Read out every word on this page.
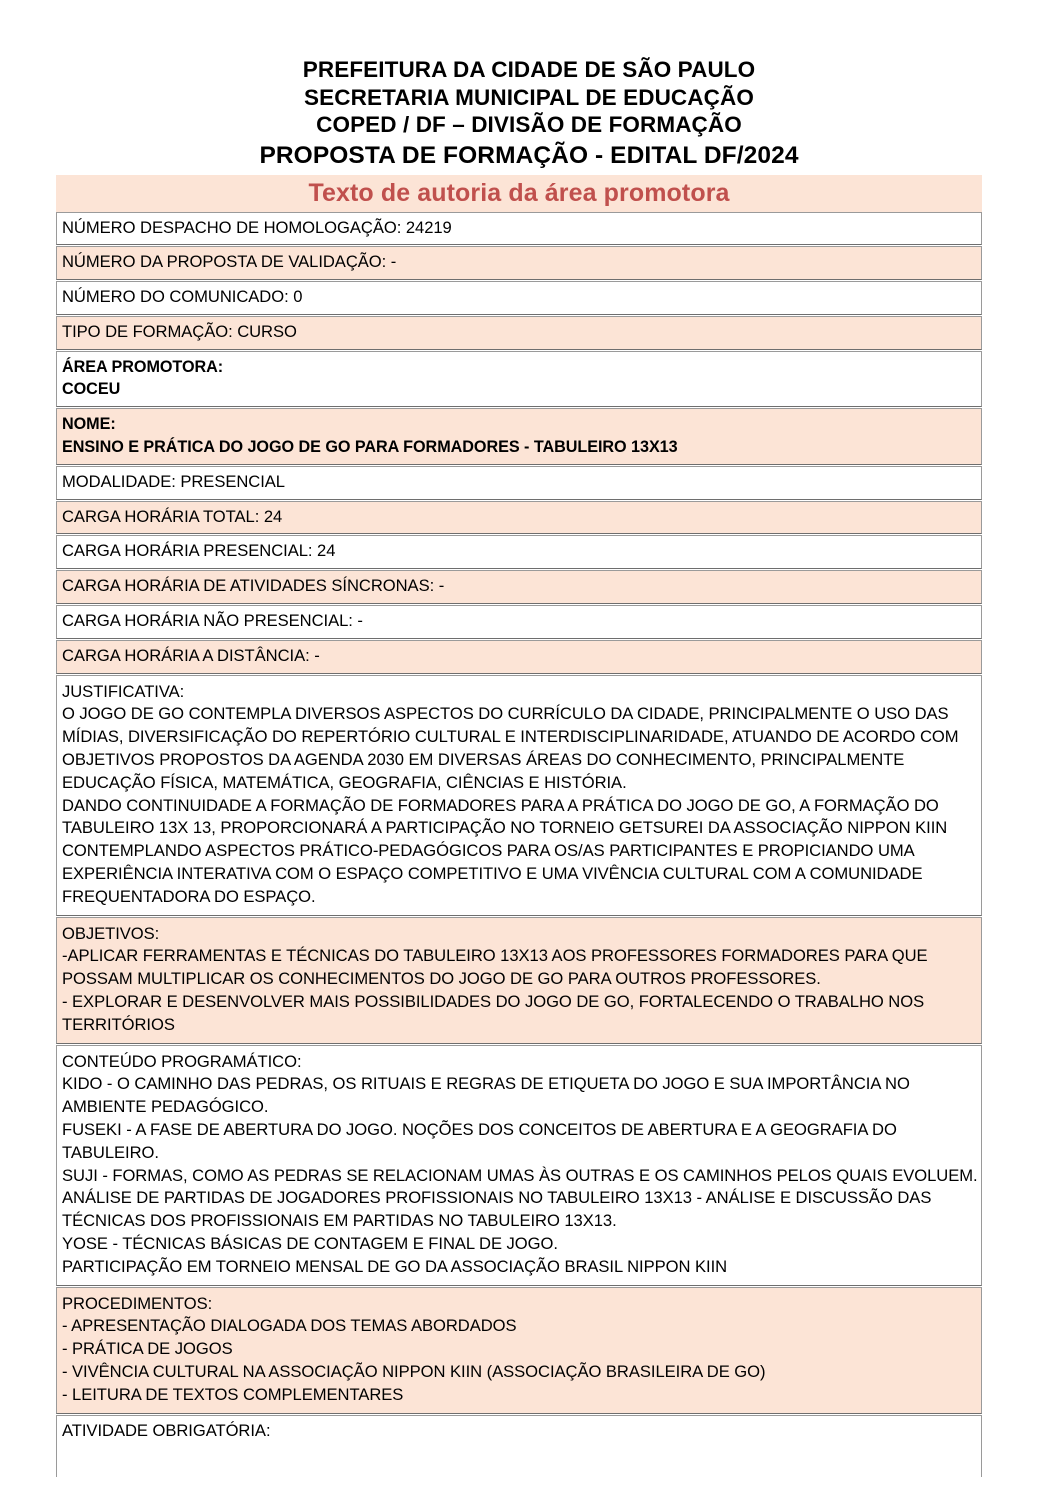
PREFEITURA DA CIDADE DE SÃO PAULO
SECRETARIA MUNICIPAL DE EDUCAÇÃO
COPED / DF – DIVISÃO DE FORMAÇÃO
PROPOSTA DE FORMAÇÃO - EDITAL DF/2024
Texto de autoria da área promotora
NÚMERO DESPACHO DE HOMOLOGAÇÃO: 24219
NÚMERO DA PROPOSTA DE VALIDAÇÃO: -
NÚMERO DO COMUNICADO: 0
TIPO DE FORMAÇÃO: CURSO
ÁREA PROMOTORA:
COCEU
NOME:
ENSINO E PRÁTICA DO JOGO DE GO PARA FORMADORES - TABULEIRO 13X13
MODALIDADE: PRESENCIAL
CARGA HORÁRIA TOTAL: 24
CARGA HORÁRIA PRESENCIAL: 24
CARGA HORÁRIA DE ATIVIDADES SÍNCRONAS: -
CARGA HORÁRIA NÃO PRESENCIAL: -
CARGA HORÁRIA A DISTÂNCIA: -
JUSTIFICATIVA:
O JOGO DE GO CONTEMPLA DIVERSOS ASPECTOS DO CURRÍCULO DA CIDADE, PRINCIPALMENTE O USO DAS
MÍDIAS, DIVERSIFICAÇÃO DO REPERTÓRIO CULTURAL E INTERDISCIPLINARIDADE, ATUANDO DE ACORDO COM
OBJETIVOS PROPOSTOS DA AGENDA 2030 EM DIVERSAS ÁREAS DO CONHECIMENTO, PRINCIPALMENTE
EDUCAÇÃO FÍSICA, MATEMÁTICA, GEOGRAFIA, CIÊNCIAS E HISTÓRIA.
DANDO CONTINUIDADE A FORMAÇÃO DE FORMADORES PARA A PRÁTICA DO JOGO DE GO, A FORMAÇÃO DO
TABULEIRO 13X 13, PROPORCIONARÁ A PARTICIPAÇÃO NO TORNEIO GETSUREI DA ASSOCIAÇÃO NIPPON KIIN
CONTEMPLANDO ASPECTOS PRÁTICO-PEDAGÓGICOS PARA OS/AS PARTICIPANTES E PROPICIANDO UMA
EXPERIÊNCIA INTERATIVA COM O ESPAÇO COMPETITIVO E UMA VIVÊNCIA CULTURAL COM A COMUNIDADE
FREQUENTADORA DO ESPAÇO.
OBJETIVOS:
-APLICAR FERRAMENTAS E TÉCNICAS DO TABULEIRO 13X13 AOS PROFESSORES FORMADORES PARA QUE
POSSAM MULTIPLICAR OS CONHECIMENTOS DO JOGO DE GO PARA OUTROS PROFESSORES.
- EXPLORAR E DESENVOLVER MAIS POSSIBILIDADES DO JOGO DE GO, FORTALECENDO O TRABALHO NOS
TERRITÓRIOS
CONTEÚDO PROGRAMÁTICO:
KIDO - O CAMINHO DAS PEDRAS, OS RITUAIS E REGRAS DE ETIQUETA DO JOGO E SUA IMPORTÂNCIA NO
AMBIENTE PEDAGÓGICO.
FUSEKI - A FASE DE ABERTURA DO JOGO. NOÇÕES DOS CONCEITOS DE ABERTURA E A GEOGRAFIA DO
TABULEIRO.
SUJI - FORMAS, COMO AS PEDRAS SE RELACIONAM UMAS ÀS OUTRAS E OS CAMINHOS PELOS QUAIS EVOLUEM.
ANÁLISE DE PARTIDAS DE JOGADORES PROFISSIONAIS NO TABULEIRO 13X13 - ANÁLISE E DISCUSSÃO DAS
TÉCNICAS DOS PROFISSIONAIS EM PARTIDAS NO TABULEIRO 13X13.
YOSE - TÉCNICAS BÁSICAS DE CONTAGEM E FINAL DE JOGO.
PARTICIPAÇÃO EM TORNEIO MENSAL DE GO DA ASSOCIAÇÃO BRASIL NIPPON KIIN
PROCEDIMENTOS:
- APRESENTAÇÃO DIALOGADA DOS TEMAS ABORDADOS
- PRÁTICA DE JOGOS
- VIVÊNCIA CULTURAL NA ASSOCIAÇÃO NIPPON KIIN (ASSOCIAÇÃO BRASILEIRA DE GO)
- LEITURA DE TEXTOS COMPLEMENTARES
ATIVIDADE OBRIGATÓRIA:
